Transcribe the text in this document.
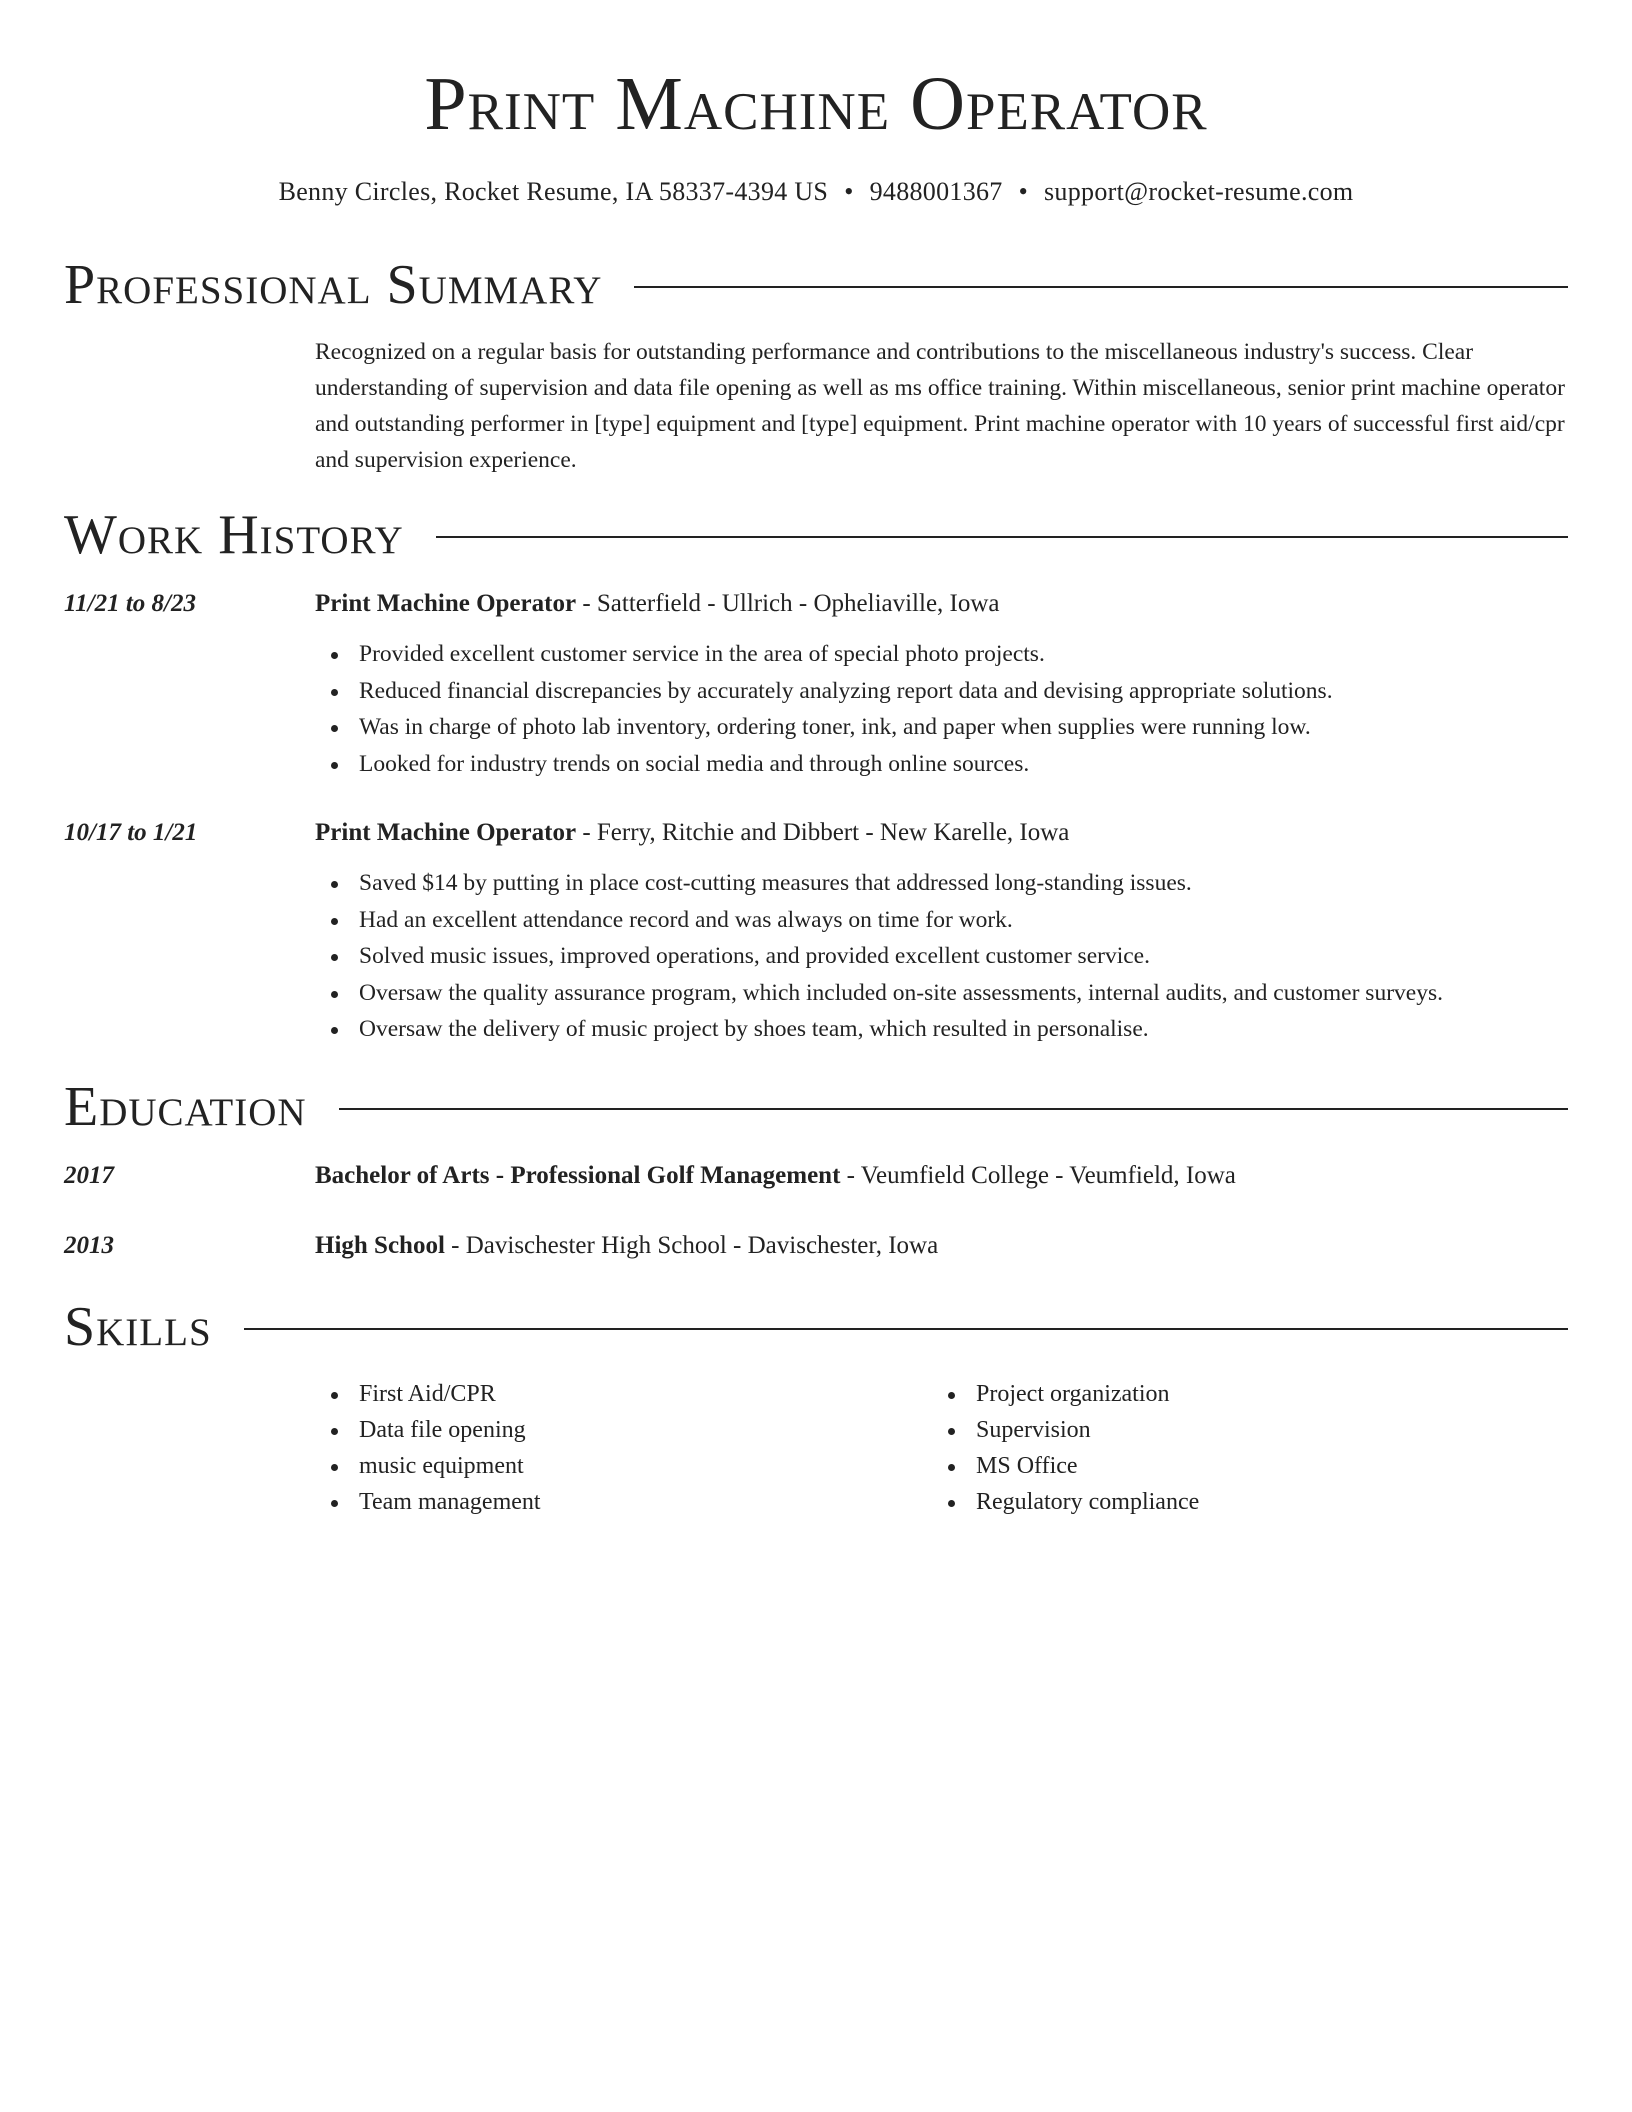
Print Machine Operator
Benny Circles, Rocket Resume, IA 58337-4394 US • 9488001367 • support@rocket-resume.com
Professional Summary

Recognized on a regular basis for outstanding performance and contributions to the miscellaneous industry's success. Clear understanding of supervision and data file opening as well as ms office training. Within miscellaneous, senior print machine operator and outstanding performer in [type] equipment and [type] equipment. Print machine operator with 10 years of successful first aid/cpr and supervision experience.

Work History
11/21 to 8/23	Print Machine Operator - Satterfield - Ullrich - Opheliaville, Iowa
Provided excellent customer service in the area of special photo projects.
Reduced financial discrepancies by accurately analyzing report data and devising appropriate solutions.
Was in charge of photo lab inventory, ordering toner, ink, and paper when supplies were running low.
Looked for industry trends on social media and through online sources.
10/17 to 1/21	Print Machine Operator - Ferry, Ritchie and Dibbert - New Karelle, Iowa
Saved $14 by putting in place cost-cutting measures that addressed long-standing issues.
Had an excellent attendance record and was always on time for work.
Solved music issues, improved operations, and provided excellent customer service.
Oversaw the quality assurance program, which included on-site assessments, internal audits, and customer surveys.
Oversaw the delivery of music project by shoes team, which resulted in personalise.
Education
2017	Bachelor of Arts - Professional Golf Management - Veumfield College - Veumfield, Iowa
2013	High School - Davischester High School - Davischester, Iowa
Skills
First Aid/CPR
Data file opening
music equipment
Team management
Project organization
Supervision
MS Office
Regulatory compliance
